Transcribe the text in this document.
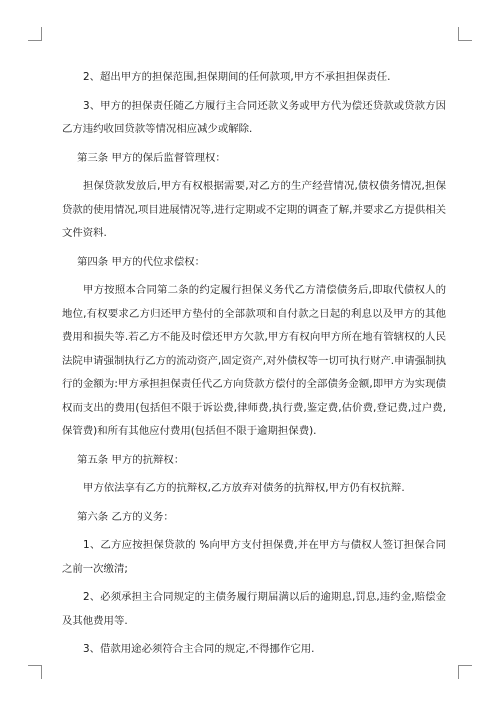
2、超出甲方的担保范围,担保期间的任何款项,甲方不承担担保责任.

3、甲方的担保责任随乙方履行主合同还款义务或甲方代为偿还贷款或贷款方因乙方违约收回贷款等情况相应减少或解除.

第三条 甲方的保后监督管理权：

担保贷款发放后,甲方有权根据需要,对乙方的生产经营情况,债权债务情况,担保贷款的使用情况,项目进展情况等,进行定期或不定期的调查了解,并要求乙方提供相关文件资料.

第四条 甲方的代位求偿权：

甲方按照本合同第二条的约定履行担保义务代乙方清偿债务后,即取代债权人的地位,有权要求乙方归还甲方垫付的全部款项和自付款之日起的利息以及甲方的其他费用和损失等.若乙方不能及时偿还甲方欠款,甲方有权向甲方所在地有管辖权的人民法院申请强制执行乙方的流动资产,固定资产,对外债权等一切可执行财产.申请强制执行的金额为:甲方承担担保责任代乙方向贷款方偿付的全部债务金额,即甲方为实现债权而支出的费用(包括但不限于诉讼费,律师费,执行费,鉴定费,估价费,登记费,过户费,保管费)和所有其他应付费用(包括但不限于逾期担保费).

第五条 甲方的抗辩权：

甲方依法享有乙方的抗辩权,乙方放弃对债务的抗辩权,甲方仍有权抗辩.

第六条 乙方的义务：

1、乙方应按担保贷款的 %向甲方支付担保费,并在甲方与债权人签订担保合同之前一次缴清;

2、必须承担主合同规定的主债务履行期届满以后的逾期息,罚息,违约金,赔偿金及其他费用等.

3、借款用途必须符合主合同的规定,不得挪作它用.
